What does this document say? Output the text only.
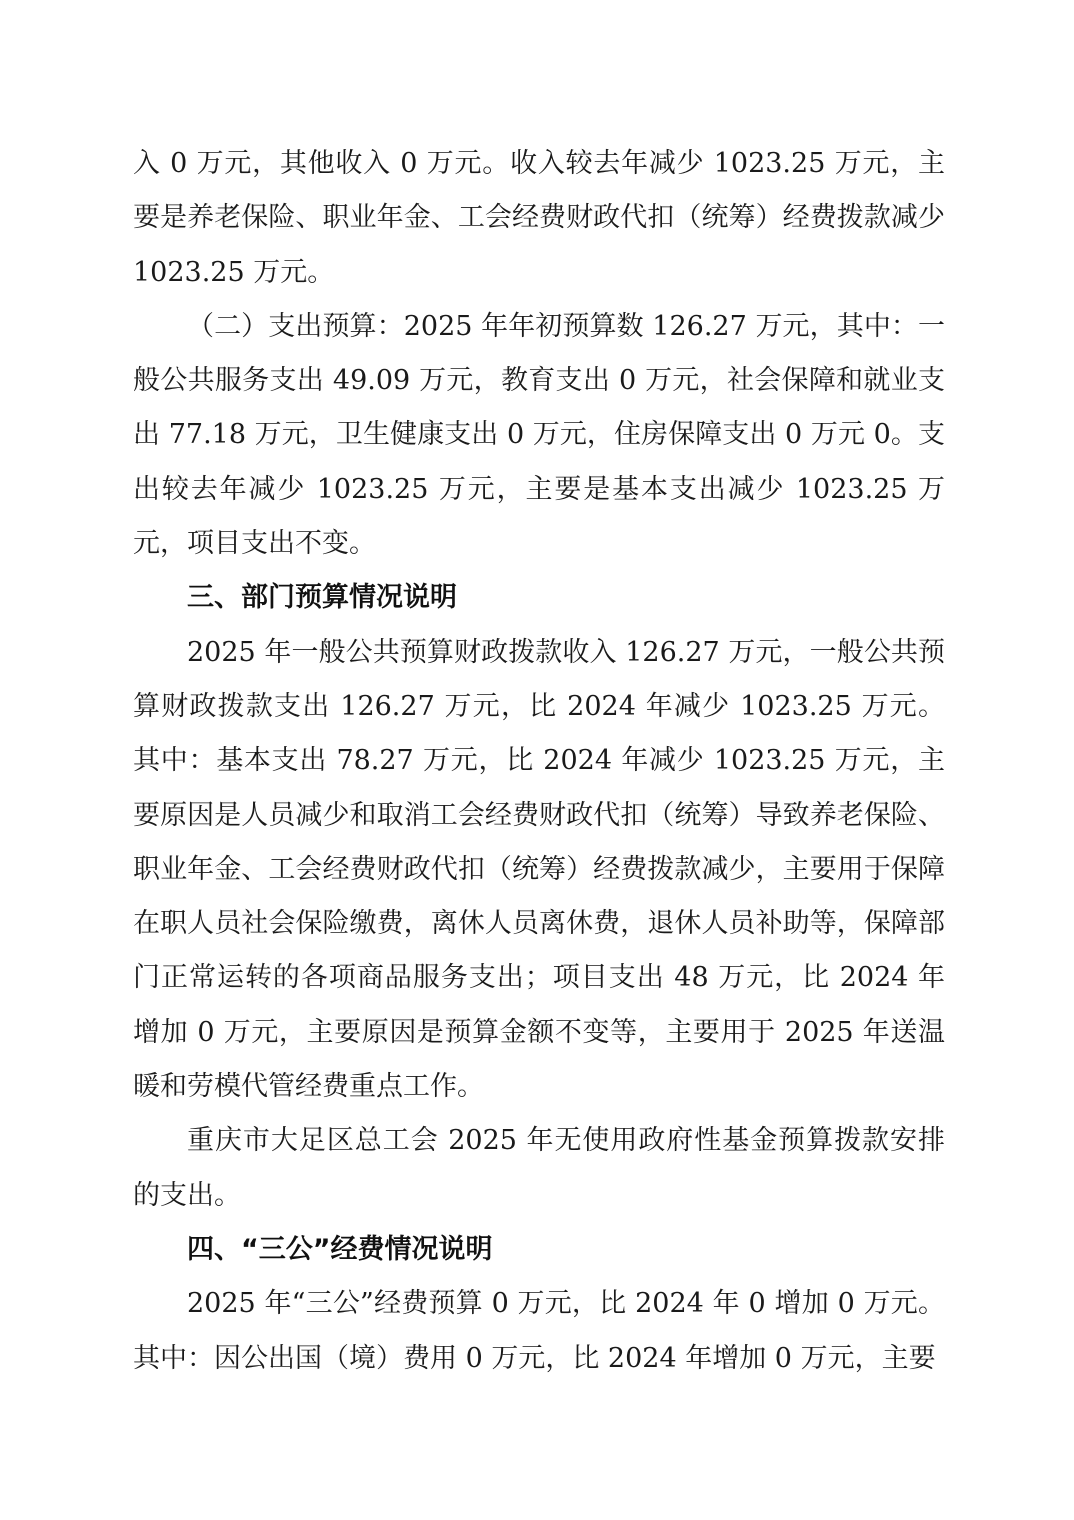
入 0 万元，其他收入 0 万元。收入较去年减少 1023.25 万元，主要是养老保险、职业年金、工会经费财政代扣（统筹）经费拨款减少 1023.25 万元。

（二）支出预算：2025 年年初预算数 126.27 万元，其中：一般公共服务支出 49.09 万元，教育支出 0 万元，社会保障和就业支出 77.18 万元，卫生健康支出 0 万元，住房保障支出 0 万元 0。支出较去年减少 1023.25 万元，主要是基本支出减少 1023.25 万元，项目支出不变。

三、部门预算情况说明

2025 年一般公共预算财政拨款收入 126.27 万元，一般公共预算财政拨款支出 126.27 万元，比 2024 年减少 1023.25 万元。其中：基本支出 78.27 万元，比 2024 年减少 1023.25 万元，主要原因是人员减少和取消工会经费财政代扣（统筹）导致养老保险、职业年金、工会经费财政代扣（统筹）经费拨款减少，主要用于保障在职人员社会保险缴费，离休人员离休费，退休人员补助等，保障部门正常运转的各项商品服务支出；项目支出 48 万元，比 2024 年增加 0 万元，主要原因是预算金额不变等，主要用于 2025 年送温暖和劳模代管经费重点工作。

重庆市大足区总工会 2025 年无使用政府性基金预算拨款安排的支出。

四、“三公”经费情况说明

2025 年“三公”经费预算 0 万元，比 2024 年 0 增加 0 万元。其中：因公出国（境）费用 0 万元，比 2024 年增加 0 万元，主要
